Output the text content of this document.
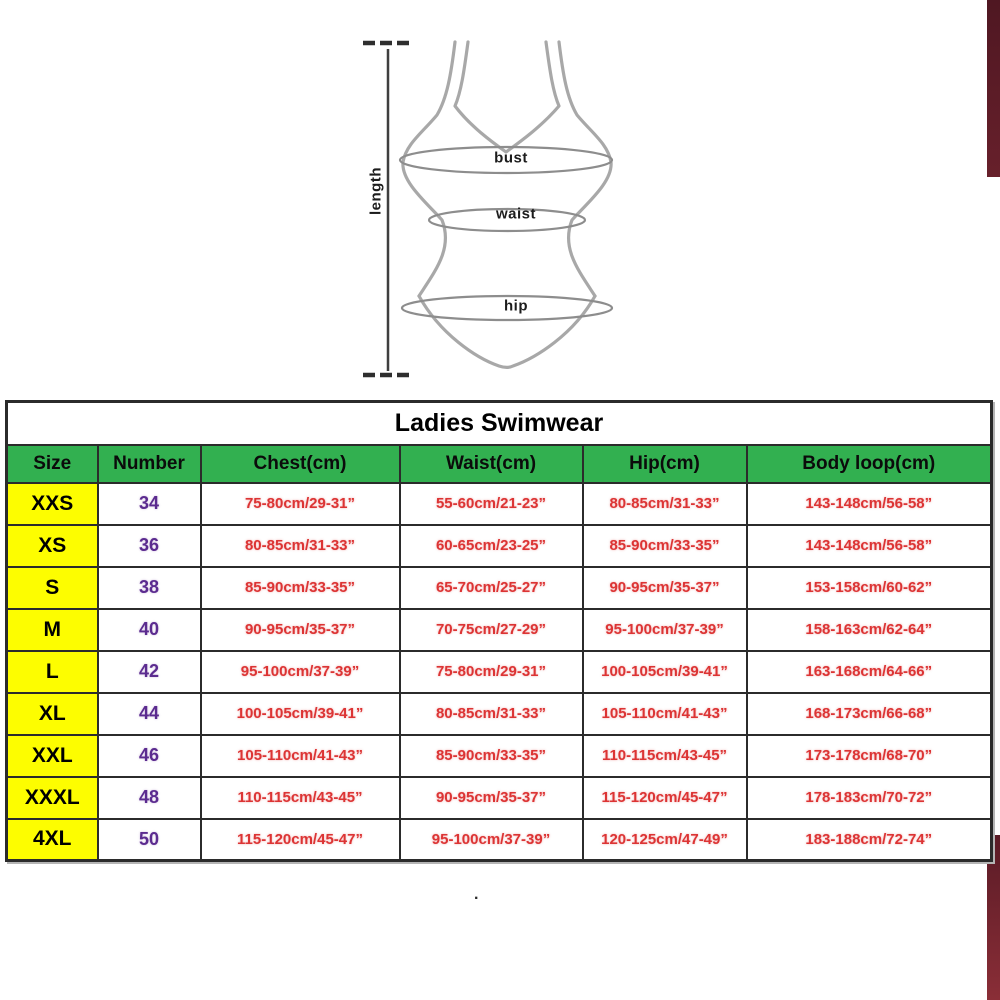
length
bust
waist
hip
Ladies Swimwear					
Size	Number	Chest(cm)	Waist(cm)	Hip(cm)	Body loop(cm)
XXS	34	75-80cm/29-31”	55-60cm/21-23”	80-85cm/31-33”	143-148cm/56-58”
XS	36	80-85cm/31-33”	60-65cm/23-25”	85-90cm/33-35”	143-148cm/56-58”
S	38	85-90cm/33-35”	65-70cm/25-27”	90-95cm/35-37”	153-158cm/60-62”
M	40	90-95cm/35-37”	70-75cm/27-29”	95-100cm/37-39”	158-163cm/62-64”
L	42	95-100cm/37-39”	75-80cm/29-31”	100-105cm/39-41”	163-168cm/64-66”
XL	44	100-105cm/39-41”	80-85cm/31-33”	105-110cm/41-43”	168-173cm/66-68”
XXL	46	105-110cm/41-43”	85-90cm/33-35”	110-115cm/43-45”	173-178cm/68-70”
XXXL	48	110-115cm/43-45”	90-95cm/35-37”	115-120cm/45-47”	178-183cm/70-72”
4XL	50	115-120cm/45-47”	95-100cm/37-39”	120-125cm/47-49”	183-188cm/72-74”
.
